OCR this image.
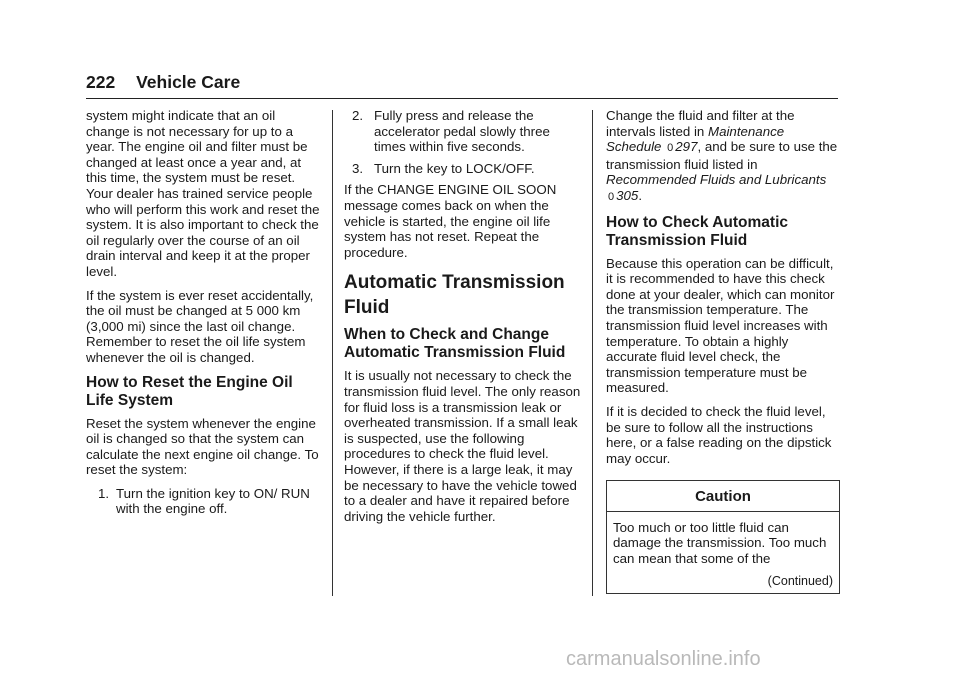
222 Vehicle Care

system might indicate that an oil change is not necessary for up to a year. The engine oil and filter must be changed at least once a year and, at this time, the system must be reset. Your dealer has trained service people who will perform this work and reset the system. It is also important to check the oil regularly over the course of an oil drain interval and keep it at the proper level.

If the system is ever reset accidentally, the oil must be changed at 5 000 km (3,000 mi) since the last oil change. Remember to reset the oil life system whenever the oil is changed.

How to Reset the Engine Oil Life System

Reset the system whenever the engine oil is changed so that the system can calculate the next engine oil change. To reset the system:

1. Turn the ignition key to ON/ RUN with the engine off.
2. Fully press and release the accelerator pedal slowly three times within five seconds.
3. Turn the key to LOCK/OFF.

If the CHANGE ENGINE OIL SOON message comes back on when the vehicle is started, the engine oil life system has not reset. Repeat the procedure.

Automatic Transmission Fluid
When to Check and Change Automatic Transmission Fluid

It is usually not necessary to check the transmission fluid level. The only reason for fluid loss is a transmission leak or overheated transmission. If a small leak is suspected, use the following procedures to check the fluid level. However, if there is a large leak, it may be necessary to have the vehicle towed to a dealer and have it repaired before driving the vehicle further.

Change the fluid and filter at the intervals listed in Maintenance Schedule 0 297, and be sure to use the transmission fluid listed in Recommended Fluids and Lubricants 0 305.

How to Check Automatic Transmission Fluid

Because this operation can be difficult, it is recommended to have this check done at your dealer, which can monitor the transmission temperature. The transmission fluid level increases with temperature. To obtain a highly accurate fluid level check, the transmission temperature must be measured.

If it is decided to check the fluid level, be sure to follow all the instructions here, or a false reading on the dipstick may occur.

Caution
Too much or too little fluid can damage the transmission. Too much can mean that some of the
(Continued)
carmanualsonline.info
